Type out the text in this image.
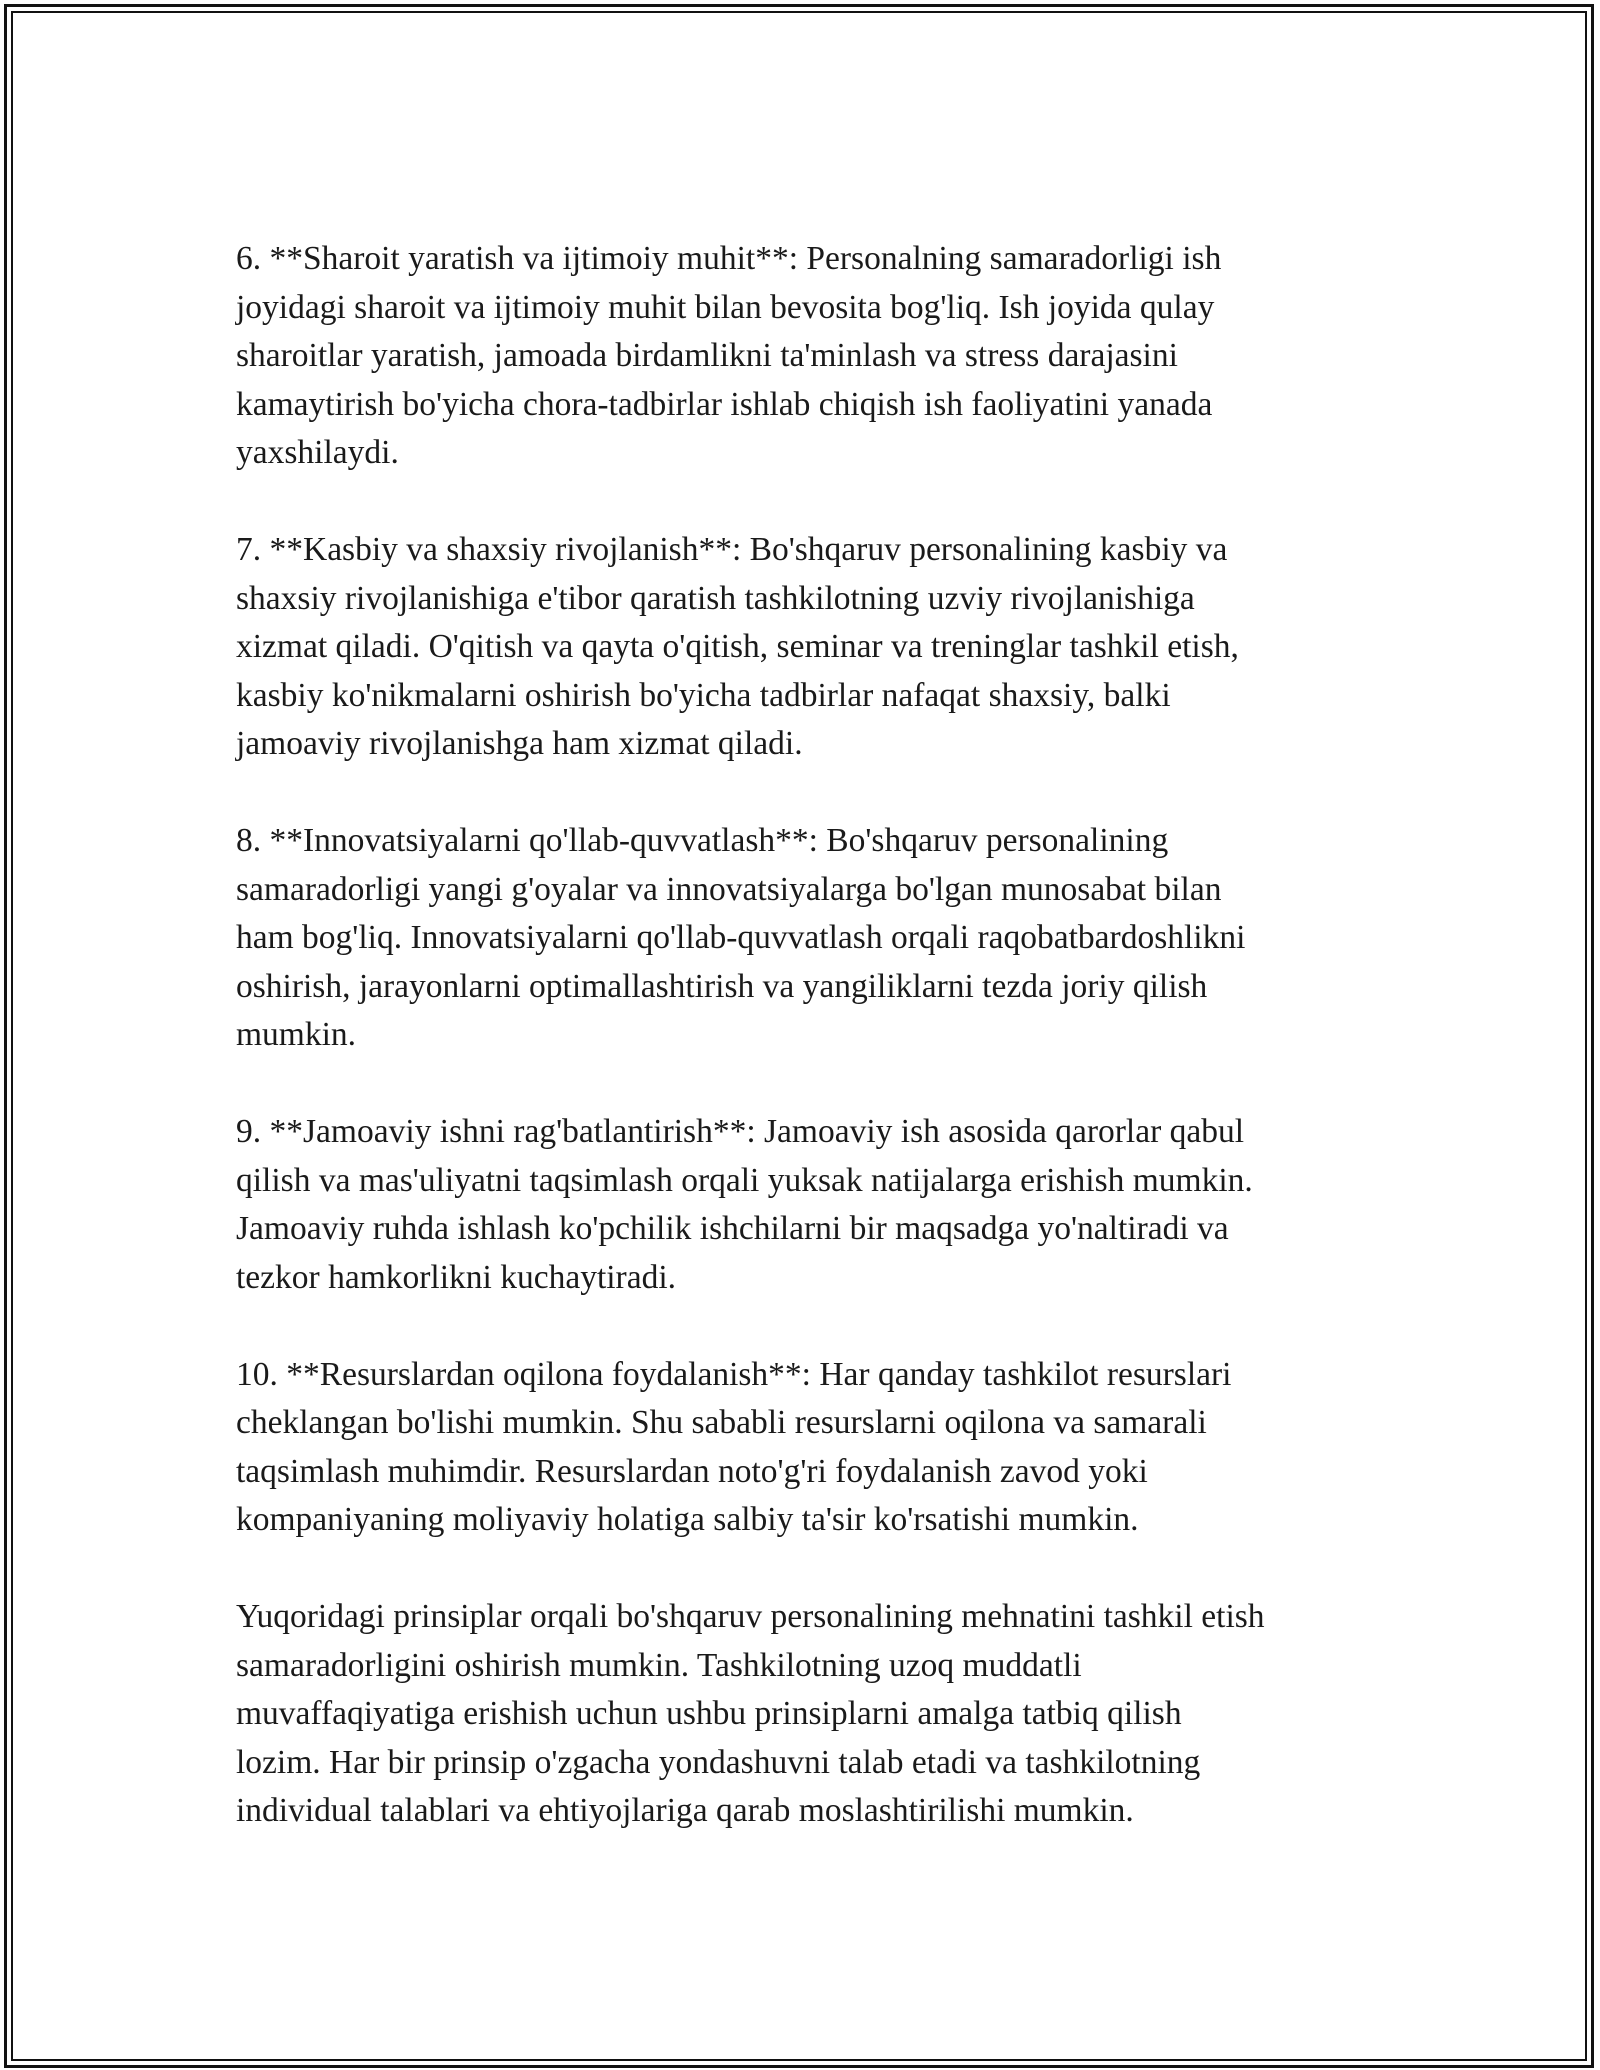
6. **Sharoit yaratish va ijtimoiy muhit**: Personalning samaradorligi ish
joyidagi sharoit va ijtimoiy muhit bilan bevosita bog'liq. Ish joyida qulay
sharoitlar yaratish, jamoada birdamlikni ta'minlash va stress darajasini
kamaytirish bo'yicha chora-tadbirlar ishlab chiqish ish faoliyatini yanada
yaxshilaydi.

7. **Kasbiy va shaxsiy rivojlanish**: Bo'shqaruv personalining kasbiy va
shaxsiy rivojlanishiga e'tibor qaratish tashkilotning uzviy rivojlanishiga
xizmat qiladi. O'qitish va qayta o'qitish, seminar va treninglar tashkil etish,
kasbiy ko'nikmalarni oshirish bo'yicha tadbirlar nafaqat shaxsiy, balki
jamoaviy rivojlanishga ham xizmat qiladi.

8. **Innovatsiyalarni qo'llab-quvvatlash**: Bo'shqaruv personalining
samaradorligi yangi g'oyalar va innovatsiyalarga bo'lgan munosabat bilan
ham bog'liq. Innovatsiyalarni qo'llab-quvvatlash orqali raqobatbardoshlikni
oshirish, jarayonlarni optimallashtirish va yangiliklarni tezda joriy qilish
mumkin.

9. **Jamoaviy ishni rag'batlantirish**: Jamoaviy ish asosida qarorlar qabul
qilish va mas'uliyatni taqsimlash orqali yuksak natijalarga erishish mumkin.
Jamoaviy ruhda ishlash ko'pchilik ishchilarni bir maqsadga yo'naltiradi va
tezkor hamkorlikni kuchaytiradi.

10. **Resurslardan oqilona foydalanish**: Har qanday tashkilot resurslari
cheklangan bo'lishi mumkin. Shu sababli resurslarni oqilona va samarali
taqsimlash muhimdir. Resurslardan noto'g'ri foydalanish zavod yoki
kompaniyaning moliyaviy holatiga salbiy ta'sir ko'rsatishi mumkin.

Yuqoridagi prinsiplar orqali bo'shqaruv personalining mehnatini tashkil etish
samaradorligini oshirish mumkin. Tashkilotning uzoq muddatli
muvaffaqiyatiga erishish uchun ushbu prinsiplarni amalga tatbiq qilish
lozim. Har bir prinsip o'zgacha yondashuvni talab etadi va tashkilotning
individual talablari va ehtiyojlariga qarab moslashtirilishi mumkin.
